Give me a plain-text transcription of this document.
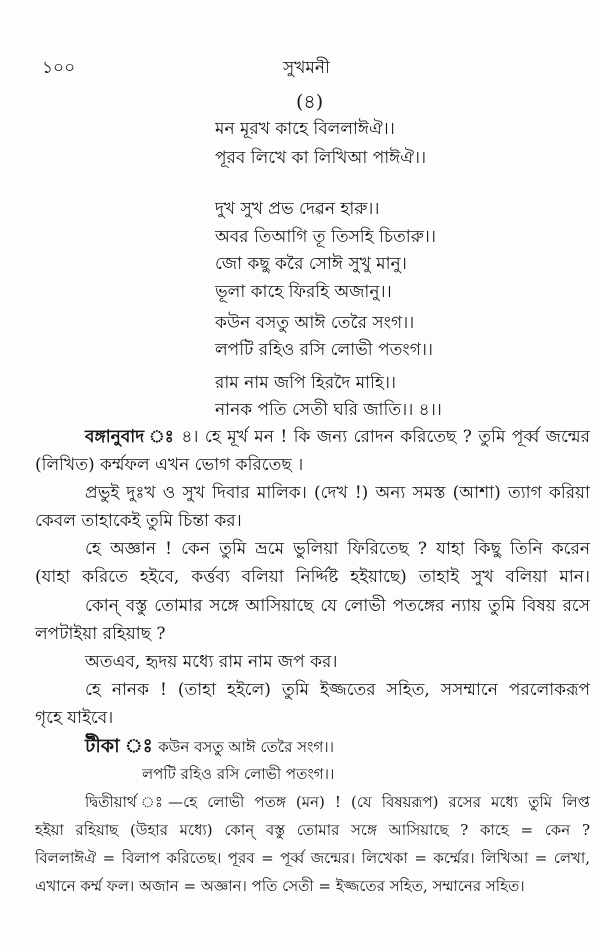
১০০	সুখমনী
(৪)
মন মূরখ কাহে বিললাঈঐ।।
পূরব লিখে কা লিখিআ পাঈঐ।।
দুখ সুখ প্রভ দেৱন হারু।।
অবর তিআগি তূ তিসহি চিতারু।।
জো কছু করৈ সোঈ সুখু মানু।
ভূলা কাহে ফিরহি অজানু।।
কউন বসতু আঈ তেরৈ সংগ।।
লপটি রহিও রসি লোভী পতংগ।।
রাম নাম জপি হিরদৈ মাহি।।
নানক পতি সেতী ঘরি জাতি।। ৪।।
বঙ্গানুবাদ ঃ ৪। হে মূর্খ মন ! কি জন্য রোদন করিতেছ ? তুমি পূর্ব্ব জন্মের
(লিখিত) কর্ম্মফল এখন ভোগ করিতেছ ।
প্রভুই দুঃখ ও সুখ দিবার মালিক। (দেখ !) অন্য সমস্ত (আশা) ত্যাগ করিয়া
কেবল তাহাকেই তুমি চিন্তা কর।
হে অজ্ঞান ! কেন তুমি ভ্রমে ভুলিয়া ফিরিতেছ ? যাহা কিছু তিনি করেন
(যাহা করিতে হইবে, কর্ত্তব্য বলিয়া নির্দ্দিষ্ট হইয়াছে) তাহাই সুখ বলিয়া মান।
কোন্ বস্তু তোমার সঙ্গে আসিয়াছে যে লোভী পতঙ্গের ন্যায় তুমি বিষয় রসে
লপটাইয়া রহিয়াছ ?
অতএব, হৃদয় মধ্যে রাম নাম জপ কর।
হে নানক ! (তাহা হইলে) তুমি ইজ্জতের সহিত, সসম্মানে পরলোকরূপ
গৃহে যাইবে।
টীকা ঃ কউন বসতু আঈ তেরৈ সংগ।।
লপটি রহিও রসি লোভী পতংগ।।
দ্বিতীয়ার্থ ঃ—হে লোভী পতঙ্গ (মন) ! (যে বিষয়রূপ) রসের মধ্যে তুমি লিপ্ত
হইয়া রহিয়াছ (উহার মধ্যে) কোন্ বস্তু তোমার সঙ্গে আসিয়াছে ? কাহে = কেন ?
বিললাঈঐ = বিলাপ করিতেছ। পূরব = পূর্ব্ব জন্মের। লিখেকা = কর্ম্মের। লিখিআ = লেখা,
এখানে কর্ম্ম ফল। অজান = অজ্ঞান। পতি সেতী = ইজ্জতের সহিত, সম্মানের সহিত।
